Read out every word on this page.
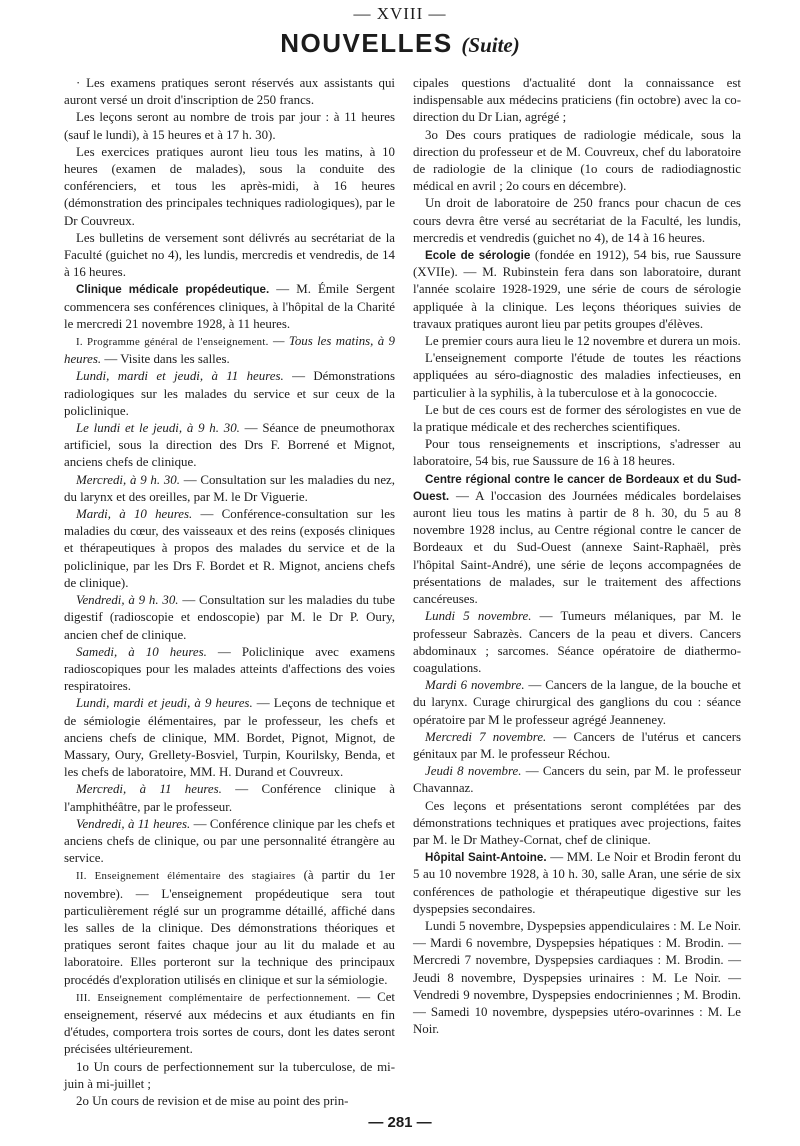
— XVIII —
NOUVELLES (Suite)

· Les examens pratiques seront réservés aux assistants qui auront versé un droit d'inscription de 250 francs.

Les leçons seront au nombre de trois par jour : à 11 heures (sauf le lundi), à 15 heures et à 17 h. 30).

Les exercices pratiques auront lieu tous les matins, à 10 heures (examen de malades), sous la conduite des conférenciers, et tous les après-midi, à 16 heures (démonstration des principales techniques radiologiques), par le Dr Couvreux.

Les bulletins de versement sont délivrés au secrétariat de la Faculté (guichet no 4), les lundis, mercredis et vendredis, de 14 à 16 heures.

Clinique médicale propédeutique. — M. Émile Sergent commencera ses conférences cliniques, à l'hôpital de la Charité le mercredi 21 novembre 1928, à 11 heures.

I. Programme général de l'enseignement. — Tous les matins, à 9 heures. — Visite dans les salles.

Lundi, mardi et jeudi, à 11 heures. — Démonstrations radiologiques sur les malades du service et sur ceux de la policlinique.

Le lundi et le jeudi, à 9 h. 30. — Séance de pneumothorax artificiel, sous la direction des Drs F. Borrené et Mignot, anciens chefs de clinique.

Mercredi, à 9 h. 30. — Consultation sur les maladies du nez, du larynx et des oreilles, par M. le Dr Viguerie.

Mardi, à 10 heures. — Conférence-consultation sur les maladies du cœur, des vaisseaux et des reins (exposés cliniques et thérapeutiques à propos des malades du service et de la policlinique, par les Drs F. Bordet et R. Mignot, anciens chefs de clinique).

Vendredi, à 9 h. 30. — Consultation sur les maladies du tube digestif (radioscopie et endoscopie) par M. le Dr P. Oury, ancien chef de clinique.

Samedi, à 10 heures. — Policlinique avec examens radioscopiques pour les malades atteints d'affections des voies respiratoires.

Lundi, mardi et jeudi, à 9 heures. — Leçons de technique et de sémiologie élémentaires, par le professeur, les chefs et anciens chefs de clinique, MM. Bordet, Pignot, Mignot, de Massary, Oury, Grellety-Bosviel, Turpin, Kourilsky, Benda, et les chefs de laboratoire, MM. H. Durand et Couvreux.

Mercredi, à 11 heures. — Conférence clinique à l'amphithéâtre, par le professeur.

Vendredi, à 11 heures. — Conférence clinique par les chefs et anciens chefs de clinique, ou par une personnalité étrangère au service.

II. Enseignement élémentaire des stagiaires (à partir du 1er novembre). — L'enseignement propédeutique sera tout particulièrement réglé sur un programme détaillé, affiché dans les salles de la clinique. Des démonstrations théoriques et pratiques seront faites chaque jour au lit du malade et au laboratoire. Elles porteront sur la technique des principaux procédés d'exploration utilisés en clinique et sur la sémiologie.

III. Enseignement complémentaire de perfectionnement. — Cet enseignement, réservé aux médecins et aux étudiants en fin d'études, comportera trois sortes de cours, dont les dates seront précisées ultérieurement.

1o Un cours de perfectionnement sur la tuberculose, de mi-juin à mi-juillet ;

2o Un cours de revision et de mise au point des prin-

cipales questions d'actualité dont la connaissance est indispensable aux médecins praticiens (fin octobre) avec la co-direction du Dr Lian, agrégé ;

3o Des cours pratiques de radiologie médicale, sous la direction du professeur et de M. Couvreux, chef du laboratoire de radiologie de la clinique (1o cours de radiodiagnostic médical en avril ; 2o cours en décembre).

Un droit de laboratoire de 250 francs pour chacun de ces cours devra être versé au secrétariat de la Faculté, les lundis, mercredis et vendredis (guichet no 4), de 14 à 16 heures.

Ecole de sérologie (fondée en 1912), 54 bis, rue Saussure (XVIIe). — M. Rubinstein fera dans son laboratoire, durant l'année scolaire 1928-1929, une série de cours de sérologie appliquée à la clinique. Les leçons théoriques suivies de travaux pratiques auront lieu par petits groupes d'élèves.

Le premier cours aura lieu le 12 novembre et durera un mois.

L'enseignement comporte l'étude de toutes les réactions appliquées au séro-diagnostic des maladies infectieuses, en particulier à la syphilis, à la tuberculose et à la gonococcie.

Le but de ces cours est de former des sérologistes en vue de la pratique médicale et des recherches scientifiques.

Pour tous renseignements et inscriptions, s'adresser au laboratoire, 54 bis, rue Saussure de 16 à 18 heures.

Centre régional contre le cancer de Bordeaux et du Sud-Ouest. — A l'occasion des Journées médicales bordelaises auront lieu tous les matins à partir de 8 h. 30, du 5 au 8 novembre 1928 inclus, au Centre régional contre le cancer de Bordeaux et du Sud-Ouest (annexe Saint-Raphaël, près l'hôpital Saint-André), une série de leçons accompagnées de présentations de malades, sur le traitement des affections cancéreuses.

Lundi 5 novembre. — Tumeurs mélaniques, par M. le professeur Sabrazès. Cancers de la peau et divers. Cancers abdominaux ; sarcomes. Séance opératoire de diathermo-coagulations.

Mardi 6 novembre. — Cancers de la langue, de la bouche et du larynx. Curage chirurgical des ganglions du cou : séance opératoire par M le professeur agrégé Jeanneney.

Mercredi 7 novembre. — Cancers de l'utérus et cancers génitaux par M. le professeur Réchou.

Jeudi 8 novembre. — Cancers du sein, par M. le professeur Chavannaz.

Ces leçons et présentations seront complétées par des démonstrations techniques et pratiques avec projections, faites par M. le Dr Mathey-Cornat, chef de clinique.

Hôpital Saint-Antoine. — MM. Le Noir et Brodin feront du 5 au 10 novembre 1928, à 10 h. 30, salle Aran, une série de six conférences de pathologie et thérapeutique digestive sur les dyspepsies secondaires.

Lundi 5 novembre, Dyspepsies appendiculaires : M. Le Noir. — Mardi 6 novembre, Dyspepsies hépatiques : M. Brodin. — Mercredi 7 novembre, Dyspepsies cardiaques : M. Brodin. — Jeudi 8 novembre, Dyspepsies urinaires : M. Le Noir. — Vendredi 9 novembre, Dyspepsies endocriniennes ; M. Brodin. — Samedi 10 novembre, dyspepsies utéro-ovarinnes : M. Le Noir.

— 281 —
